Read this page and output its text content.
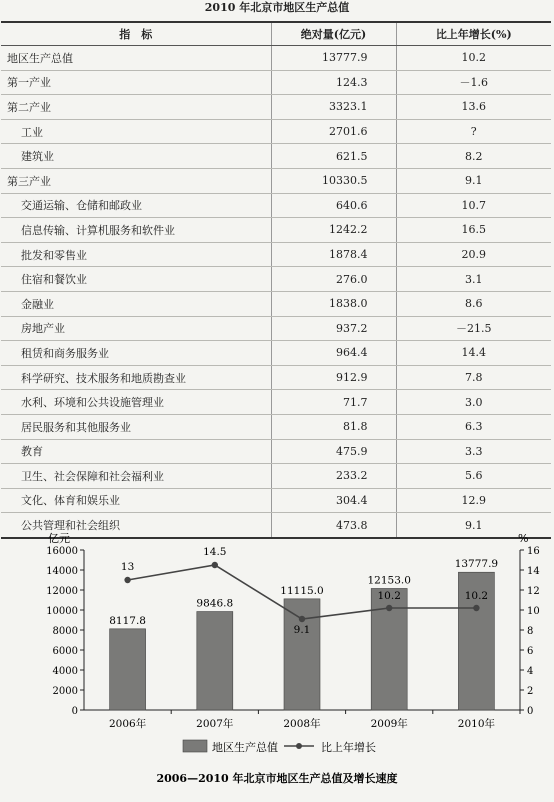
2010 年北京市地区生产总值
指　标	绝对量(亿元)	比上年增长(%)
地区生产总值	13777.9	10.2
第一产业	124.3	－1.6
第二产业	3323.1	13.6
工业	2701.6	?
建筑业	621.5	8.2
第三产业	10330.5	9.1
交通运输、仓储和邮政业	640.6	10.7
信息传输、计算机服务和软件业	1242.2	16.5
批发和零售业	1878.4	20.9
住宿和餐饮业	276.0	3.1
金融业	1838.0	8.6
房地产业	937.2	－21.5
租赁和商务服务业	964.4	14.4
科学研究、技术服务和地质勘查业	912.9	7.8
水利、环境和公共设施管理业	71.7	3.0
居民服务和其他服务业	81.8	6.3
教育	475.9	3.3
卫生、社会保障和社会福利业	233.2	5.6
文化、体育和娱乐业	304.4	12.9
公共管理和社会组织	473.8	9.1
亿元	%
0
2000
4000
6000
8000
10000
12000
14000
16000
0
2
4
6
8
10
12
14
16
2006年	2007年	2008年	2009年	2010年
8117.8
9846.8
11115.0
12153.0
13777.9
13
14.5
9.1
10.2	10.2
地区生产总值	比上年增长
2006—2010 年北京市地区生产总值及增长速度
